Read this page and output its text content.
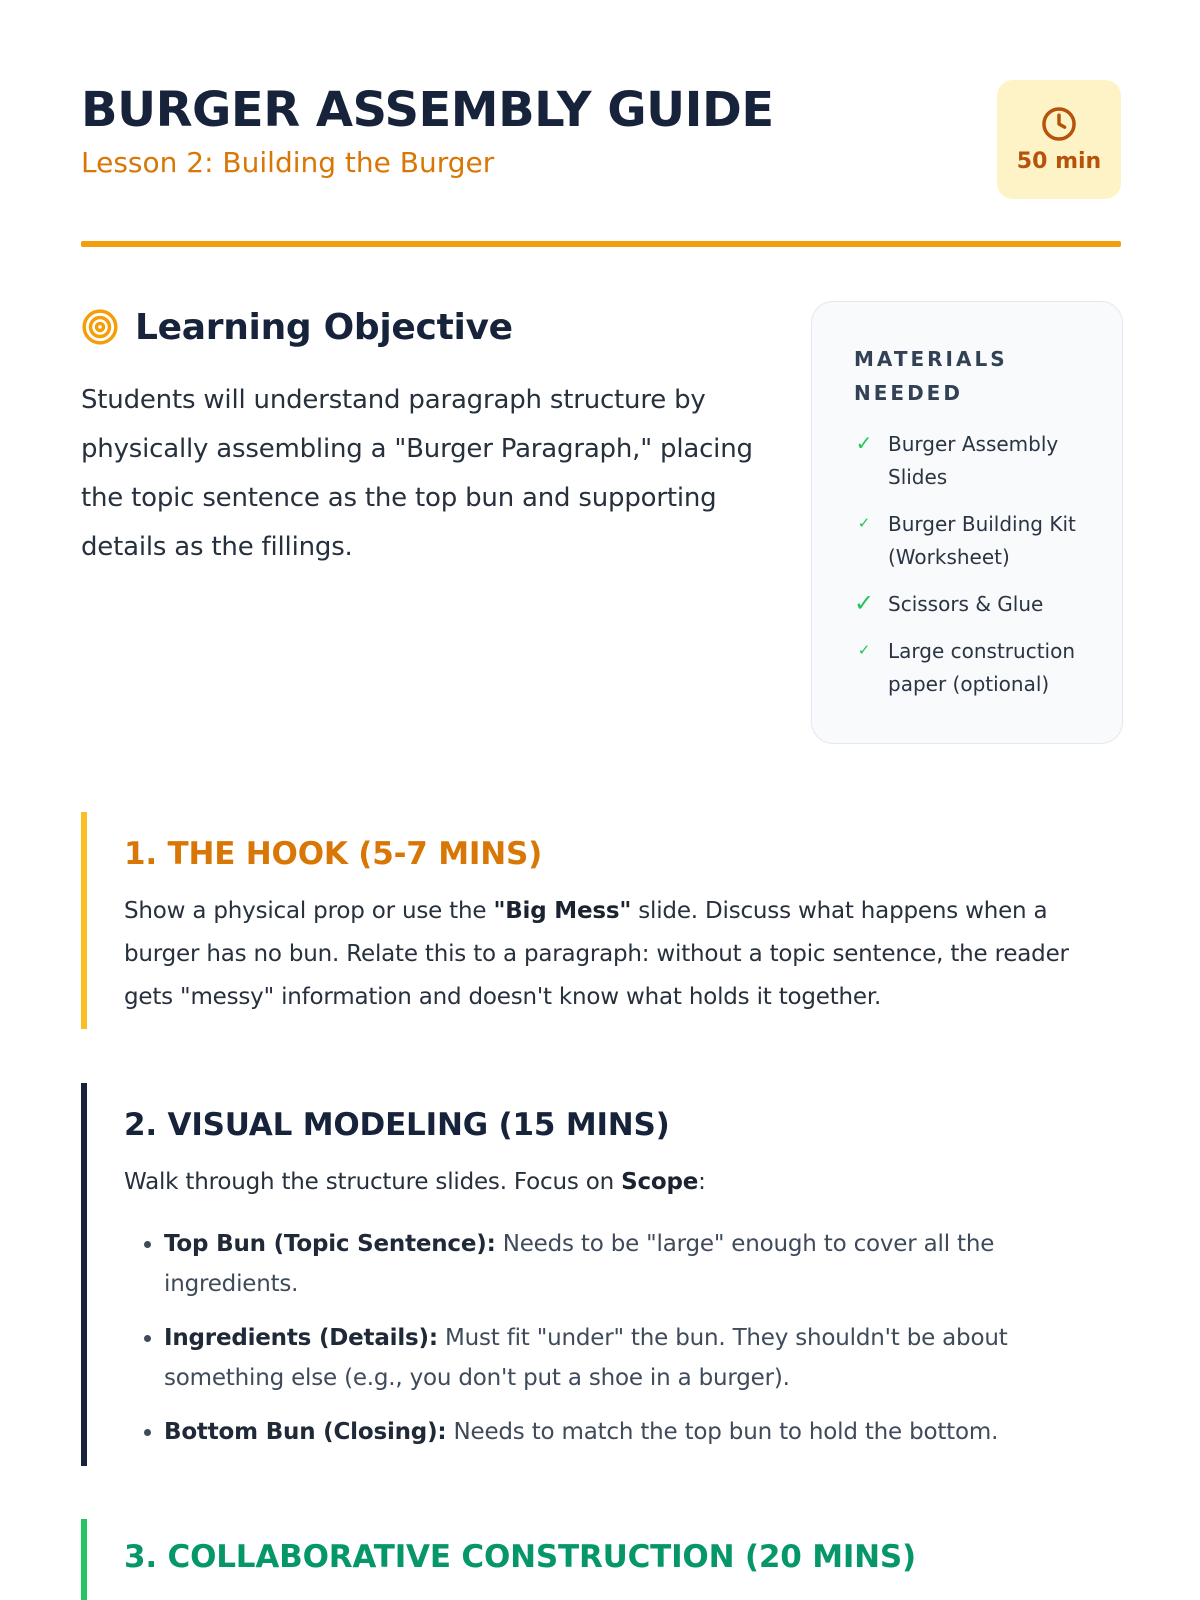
BURGER ASSEMBLY GUIDE
Lesson 2: Building the Burger	50 min
Learning Objective

Students will understand paragraph structure by physically assembling a "Burger Paragraph," placing the topic sentence as the top bun and supporting details as the fillings.

MATERIALS
NEEDED
✓ Burger Assembly Slides
✓ Burger Building Kit (Worksheet)
✓ Scissors & Glue
✓ Large construction paper (optional)
1. THE HOOK (5-7 MINS)

Show a physical prop or use the "Big Mess" slide. Discuss what happens when a burger has no bun. Relate this to a paragraph: without a topic sentence, the reader gets "messy" information and doesn't know what holds it together.

2. VISUAL MODELING (15 MINS)

Walk through the structure slides. Focus on Scope:

• Top Bun (Topic Sentence): Needs to be "large" enough to cover all the ingredients.
• Ingredients (Details): Must fit "under" the bun. They shouldn't be about something else (e.g., you don't put a shoe in a burger).
• Bottom Bun (Closing): Needs to match the top bun to hold the bottom.
3. COLLABORATIVE CONSTRUCTION (20 MINS)
